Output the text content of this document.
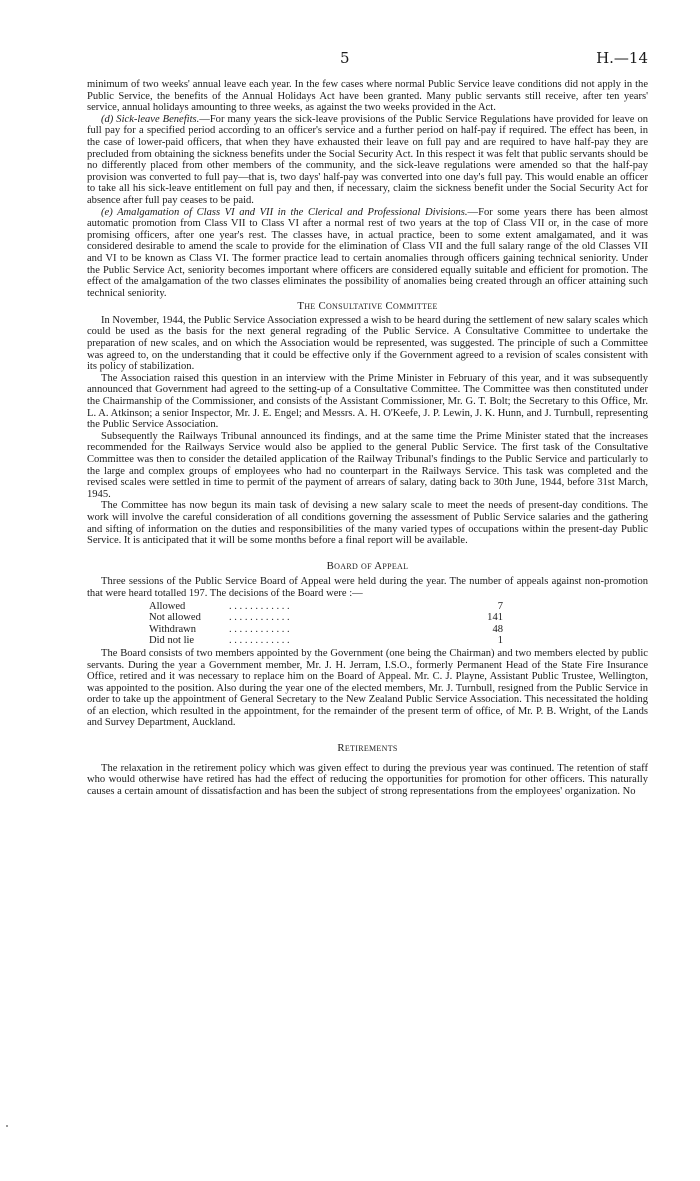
5	H.—14

minimum of two weeks' annual leave each year. In the few cases where normal Public Service leave conditions did not apply in the Public Service, the benefits of the Annual Holidays Act have been granted. Many public servants still receive, after ten years' service, annual holidays amounting to three weeks, as against the two weeks provided in the Act.

(d) Sick-leave Benefits.—For many years the sick-leave provisions of the Public Service Regulations have provided for leave on full pay for a specified period according to an officer's service and a further period on half-pay if required. The effect has been, in the case of lower-paid officers, that when they have exhausted their leave on full pay and are required to have half-pay they are precluded from obtaining the sickness benefits under the Social Security Act. In this respect it was felt that public servants should be no differently placed from other members of the community, and the sick-leave regulations were amended so that the half-pay provision was converted to full pay—that is, two days' half-pay was converted into one day's full pay. This would enable an officer to take all his sick-leave entitlement on full pay and then, if necessary, claim the sickness benefit under the Social Security Act for absence after full pay ceases to be paid.

(e) Amalgamation of Class VI and VII in the Clerical and Professional Divisions.—For some years there has been almost automatic promotion from Class VII to Class VI after a normal rest of two years at the top of Class VII or, in the case of more promising officers, after one year's rest. The classes have, in actual practice, been to some extent amalgamated, and it was considered desirable to amend the scale to provide for the elimination of Class VII and the full salary range of the old Classes VII and VI to be known as Class VI. The former practice lead to certain anomalies through officers gaining technical seniority. Under the Public Service Act, seniority becomes important where officers are considered equally suitable and efficient for promotion. The effect of the amalgamation of the two classes eliminates the possibility of anomalies being created through an officer attaining such technical seniority.

The Consultative Committee

In November, 1944, the Public Service Association expressed a wish to be heard during the settlement of new salary scales which could be used as the basis for the next general regrading of the Public Service. A Consultative Committee to undertake the preparation of new scales, and on which the Association would be represented, was suggested. The principle of such a Committee was agreed to, on the understanding that it could be effective only if the Government agreed to a revision of scales consistent with its policy of stabilization.

The Association raised this question in an interview with the Prime Minister in February of this year, and it was subsequently announced that Government had agreed to the setting-up of a Consultative Committee. The Committee was then constituted under the Chairmanship of the Commissioner, and consists of the Assistant Commissioner, Mr. G. T. Bolt; the Secretary to this Office, Mr. L. A. Atkinson; a senior Inspector, Mr. J. E. Engel; and Messrs. A. H. O'Keefe, J. P. Lewin, J. K. Hunn, and J. Turnbull, representing the Public Service Association.

Subsequently the Railways Tribunal announced its findings, and at the same time the Prime Minister stated that the increases recommended for the Railways Service would also be applied to the general Public Service. The first task of the Consultative Committee was then to consider the detailed application of the Railway Tribunal's findings to the Public Service and particularly to the large and complex groups of employees who had no counterpart in the Railways Service. This task was completed and the revised scales were settled in time to permit of the payment of arrears of salary, dating back to 30th June, 1944, before 31st March, 1945.

The Committee has now begun its main task of devising a new salary scale to meet the needs of present-day conditions. The work will involve the careful consideration of all conditions governing the assessment of Public Service salaries and the gathering and sifting of information on the duties and responsibilities of the many varied types of occupations within the present-day Public Service. It is anticipated that it will be some months before a final report will be available.

Board of Appeal

Three sessions of the Public Service Board of Appeal were held during the year. The number of appeals against non-promotion that were heard totalled 197. The decisions of the Board were :—

Allowed	. . . . . . . . . . . .	7
Not allowed	. . . . . . . . . . . .	141
Withdrawn	. . . . . . . . . . . .	48
Did not lie	. . . . . . . . . . . .	1

The Board consists of two members appointed by the Government (one being the Chairman) and two members elected by public servants. During the year a Government member, Mr. J. H. Jerram, I.S.O., formerly Permanent Head of the State Fire Insurance Office, retired and it was necessary to replace him on the Board of Appeal. Mr. C. J. Playne, Assistant Public Trustee, Wellington, was appointed to the position. Also during the year one of the elected members, Mr. J. Turnbull, resigned from the Public Service in order to take up the appointment of General Secretary to the New Zealand Public Service Association. This necessitated the holding of an election, which resulted in the appointment, for the remainder of the present term of office, of Mr. P. B. Wright, of the Lands and Survey Department, Auckland.

Retirements

The relaxation in the retirement policy which was given effect to during the previous year was continued. The retention of staff who would otherwise have retired has had the effect of reducing the opportunities for promotion for other officers. This naturally causes a certain amount of dissatisfaction and has been the subject of strong representations from the employees' organization. No
